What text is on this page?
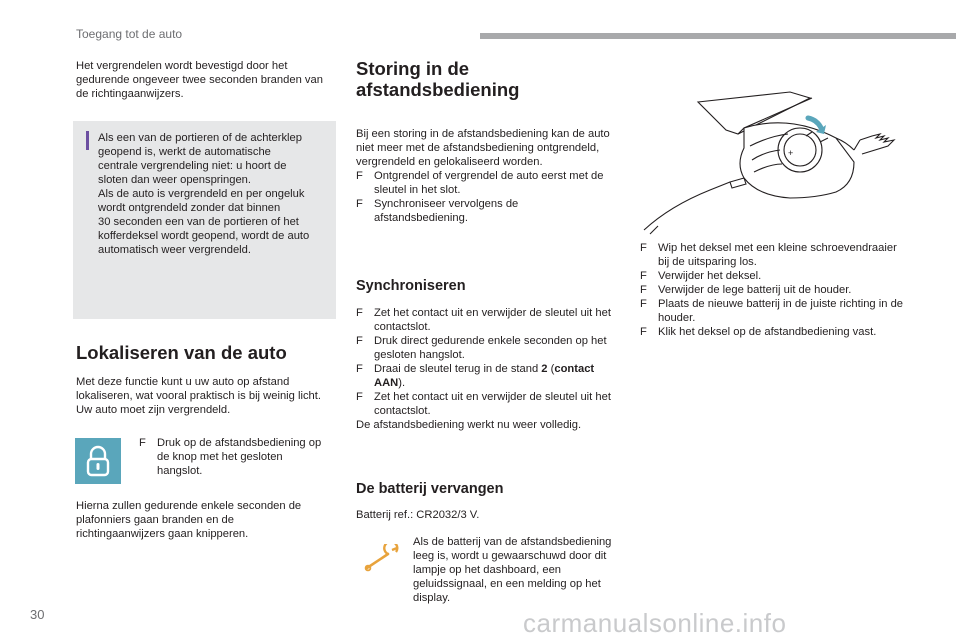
Toegang tot de auto
Het vergrendelen wordt bevestigd door het gedurende ongeveer twee seconden branden van de richtingaanwijzers.
Als een van de portieren of de achterklep
geopend is, werkt de automatische
centrale vergrendeling niet: u hoort de
sloten dan weer openspringen.
Als de auto is vergrendeld en per ongeluk
wordt ontgrendeld zonder dat binnen
30 seconden een van de portieren of het
kofferdeksel wordt geopend, wordt de auto
automatisch weer vergrendeld.
Lokaliseren van de auto
Met deze functie kunt u uw auto op afstand lokaliseren, wat vooral praktisch is bij weinig licht. Uw auto moet zijn vergrendeld.
F Druk op de afstandsbediening op de knop met het gesloten hangslot.
Hierna zullen gedurende enkele seconden de plafonniers gaan branden en de richtingaanwijzers gaan knipperen.
Storing in de
afstandsbediening
Bij een storing in de afstandsbediening kan de auto niet meer met de afstandsbediening ontgrendeld, vergrendeld en gelokaliseerd worden.
F Ontgrendel of vergrendel de auto eerst met de sleutel in het slot.
F Synchroniseer vervolgens de afstandsbediening.
Synchroniseren
F Zet het contact uit en verwijder de sleutel uit het contactslot.
F Druk direct gedurende enkele seconden op het gesloten hangslot.
F Draai de sleutel terug in de stand 2 (contact AAN).
F Zet het contact uit en verwijder de sleutel uit het contactslot.
De afstandsbediening werkt nu weer volledig.
De batterij vervangen
Batterij ref.: CR2032/3 V.
Als de batterij van de afstandsbediening leeg is, wordt u gewaarschuwd door dit lampje op het dashboard, een geluidssignaal, en een melding op het display.
+
F Wip het deksel met een kleine schroevendraaier bij de uitsparing los.
F Verwijder het deksel.
F Verwijder de lege batterij uit de houder.
F Plaats de nieuwe batterij in de juiste richting in de houder.
F Klik het deksel op de afstandbediening vast.
30	carmanualsonline.info
